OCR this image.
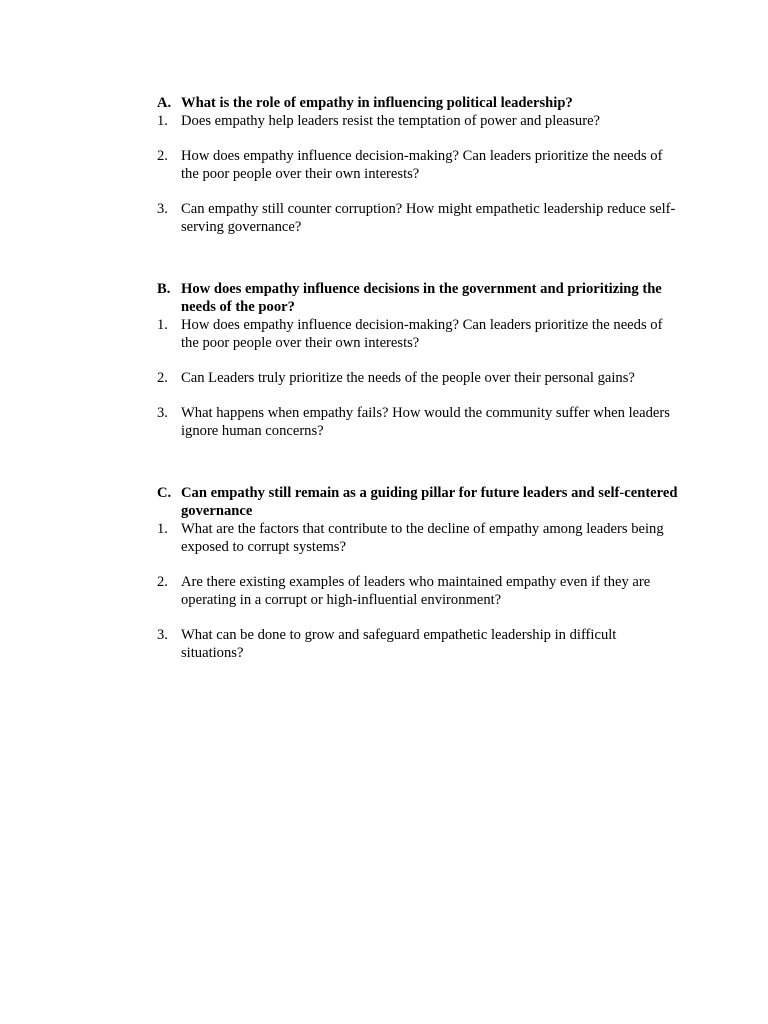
A. What is the role of empathy in influencing political leadership?
1. Does empathy help leaders resist the temptation of power and pleasure?
2. How does empathy influence decision-making? Can leaders prioritize the needs of the poor people over their own interests?
3. Can empathy still counter corruption? How might empathetic leadership reduce self-serving governance?
B. How does empathy influence decisions in the government and prioritizing the needs of the poor?
1. How does empathy influence decision-making? Can leaders prioritize the needs of the poor people over their own interests?
2. Can Leaders truly prioritize the needs of the people over their personal gains?
3. What happens when empathy fails? How would the community suffer when leaders ignore human concerns?
C. Can empathy still remain as a guiding pillar for future leaders and self-centered governance
1. What are the factors that contribute to the decline of empathy among leaders being exposed to corrupt systems?
2. Are there existing examples of leaders who maintained empathy even if they are operating in a corrupt or high-influential environment?
3. What can be done to grow and safeguard empathetic leadership in difficult situations?
